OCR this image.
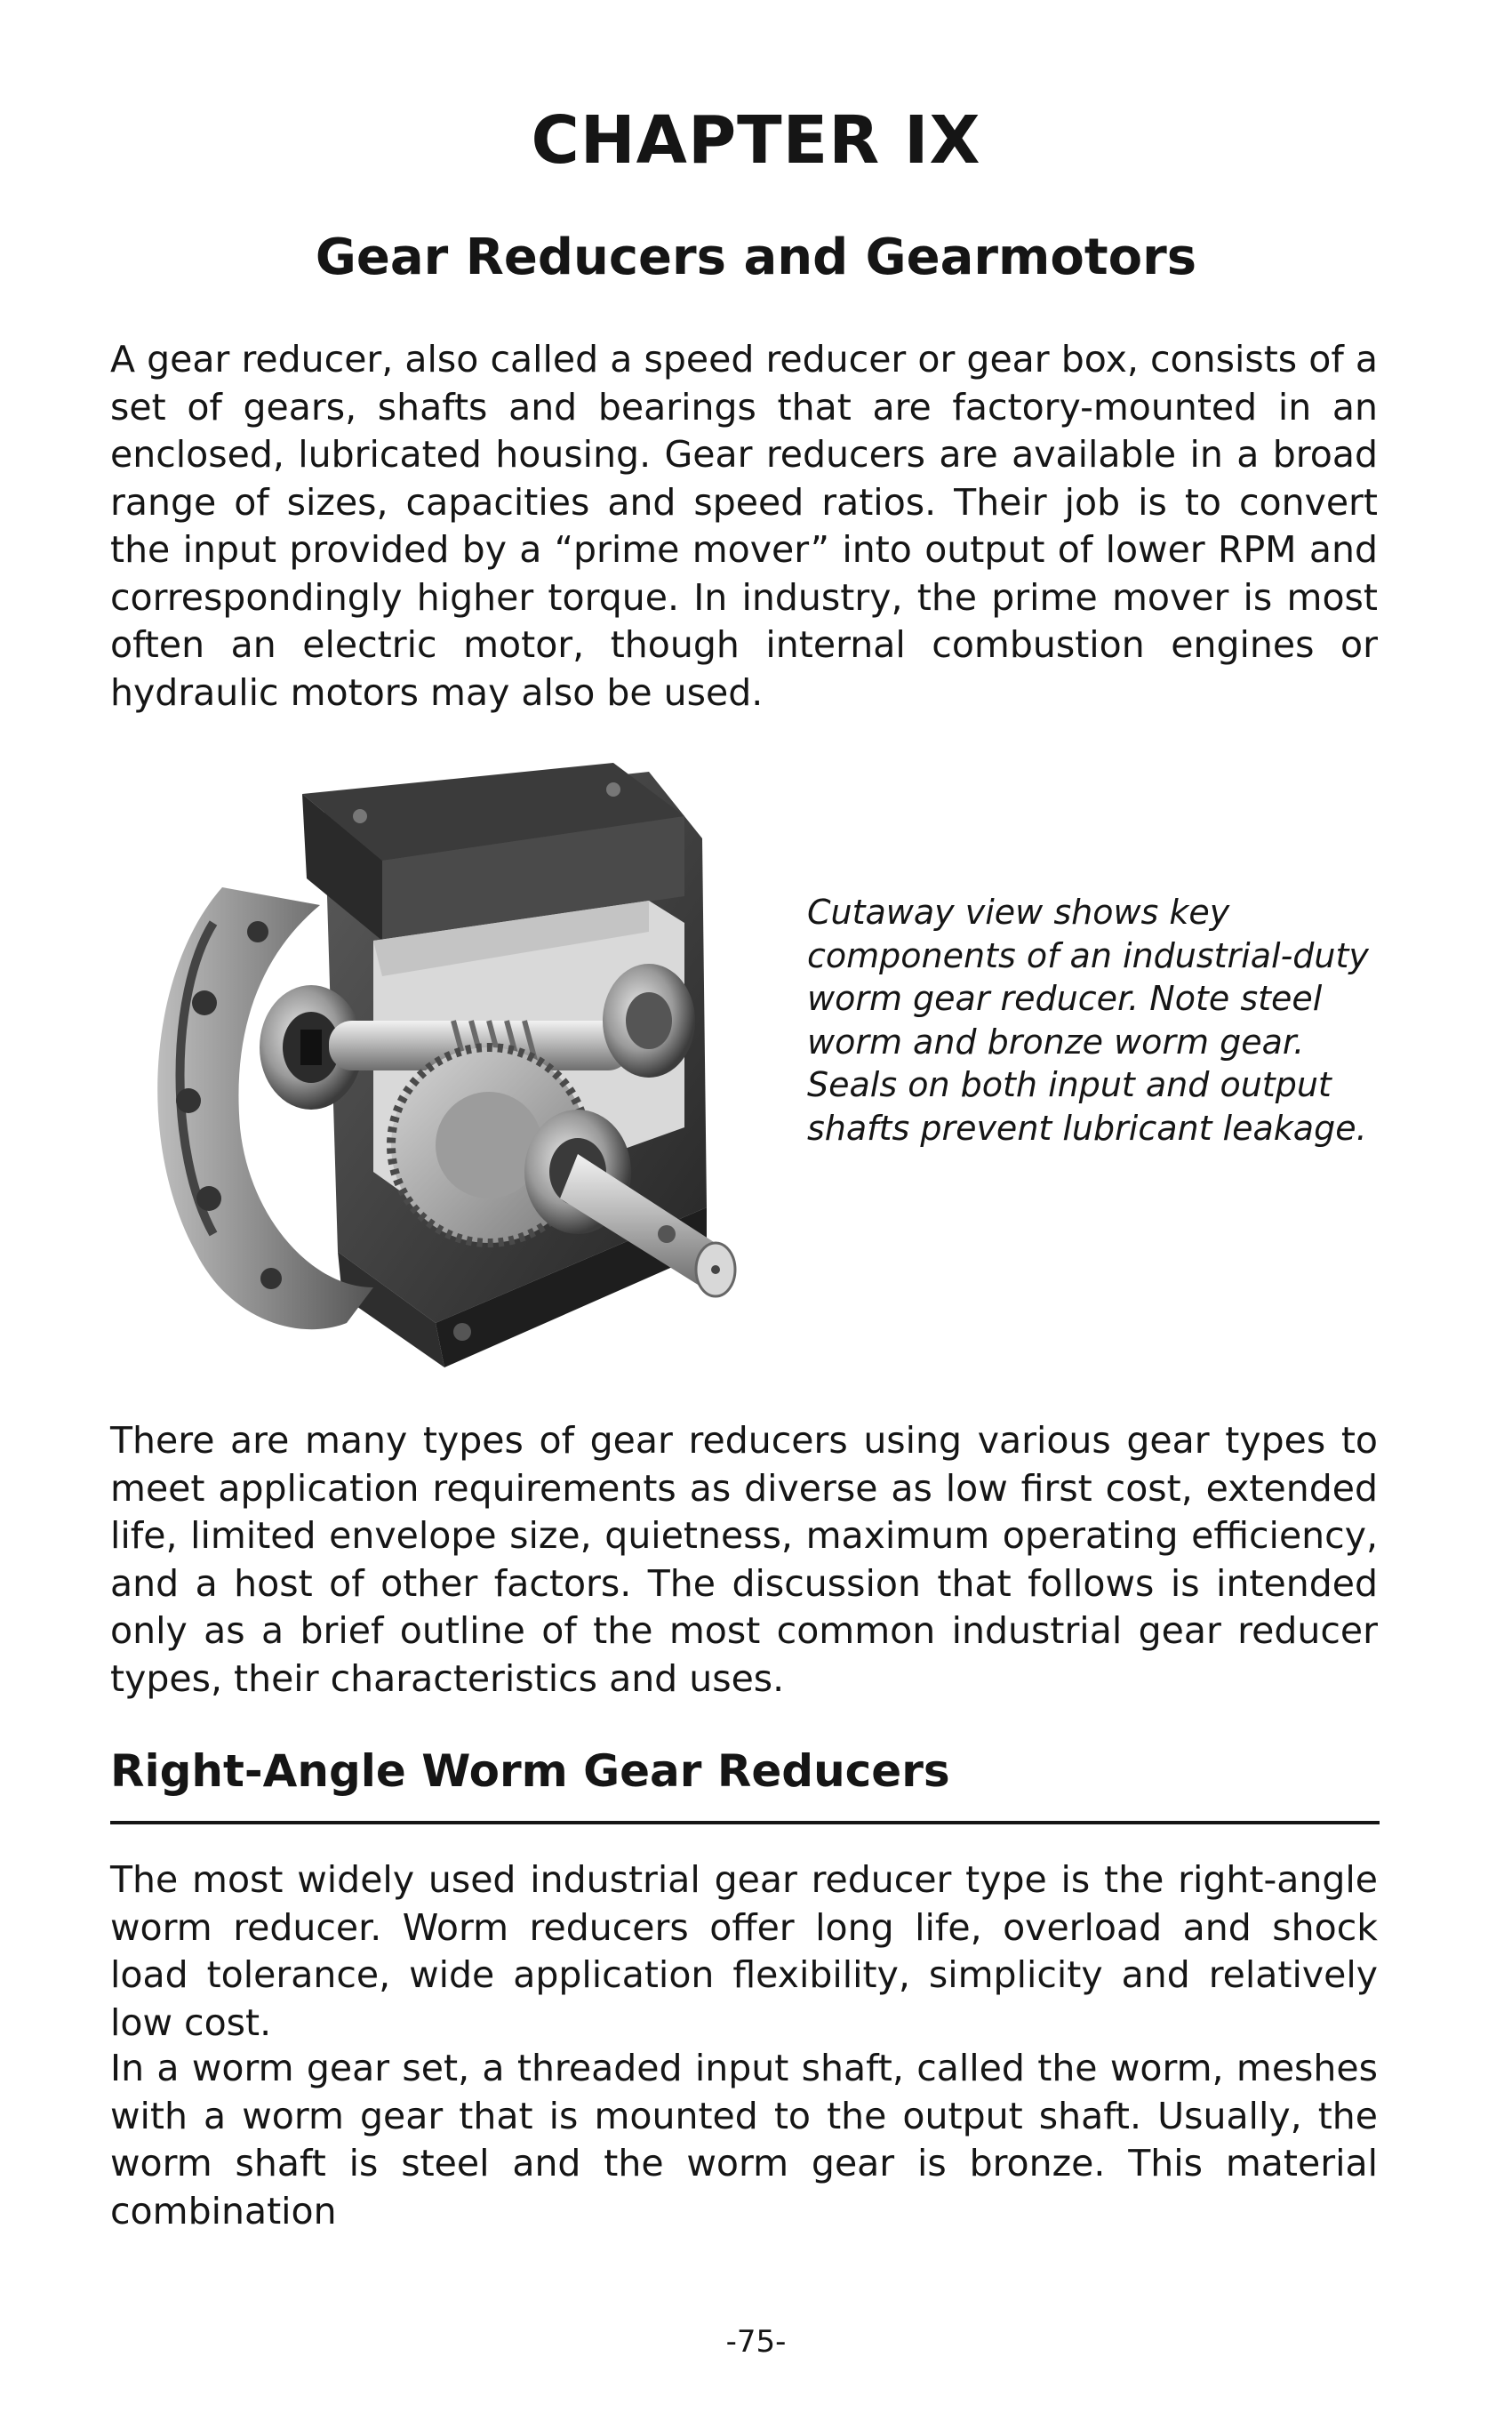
CHAPTER IX
Gear Reducers and Gearmotors

A gear reducer, also called a speed reducer or gear box, consists of a set of gears, shafts and bearings that are factory-mounted in an enclosed, lubricated housing. Gear reducers are available in a broad range of sizes, capacities and speed ratios. Their job is to convert the input provided by a “prime mover” into output of lower RPM and correspondingly higher torque. In industry, the prime mover is most often an electric motor, though internal combustion engines or hydraulic motors may also be used.

Cutaway view shows key components of an industrial-duty worm gear reducer. Note steel worm and bronze worm gear. Seals on both input and output shafts prevent lubricant leakage.

There are many types of gear reducers using various gear types to meet application requirements as diverse as low first cost, extended life, limited envelope size, quietness, maximum operating efficiency, and a host of other factors. The discussion that follows is intended only as a brief outline of the most common industrial gear reducer types, their characteristics and uses.

Right-Angle Worm Gear Reducers

The most widely used industrial gear reducer type is the right-angle worm reducer. Worm reducers offer long life, overload and shock load tolerance, wide application flexibility, simplicity and relatively low cost.

In a worm gear set, a threaded input shaft, called the worm, meshes with a worm gear that is mounted to the output shaft. Usually, the worm shaft is steel and the worm gear is bronze. This material combination

-75-
